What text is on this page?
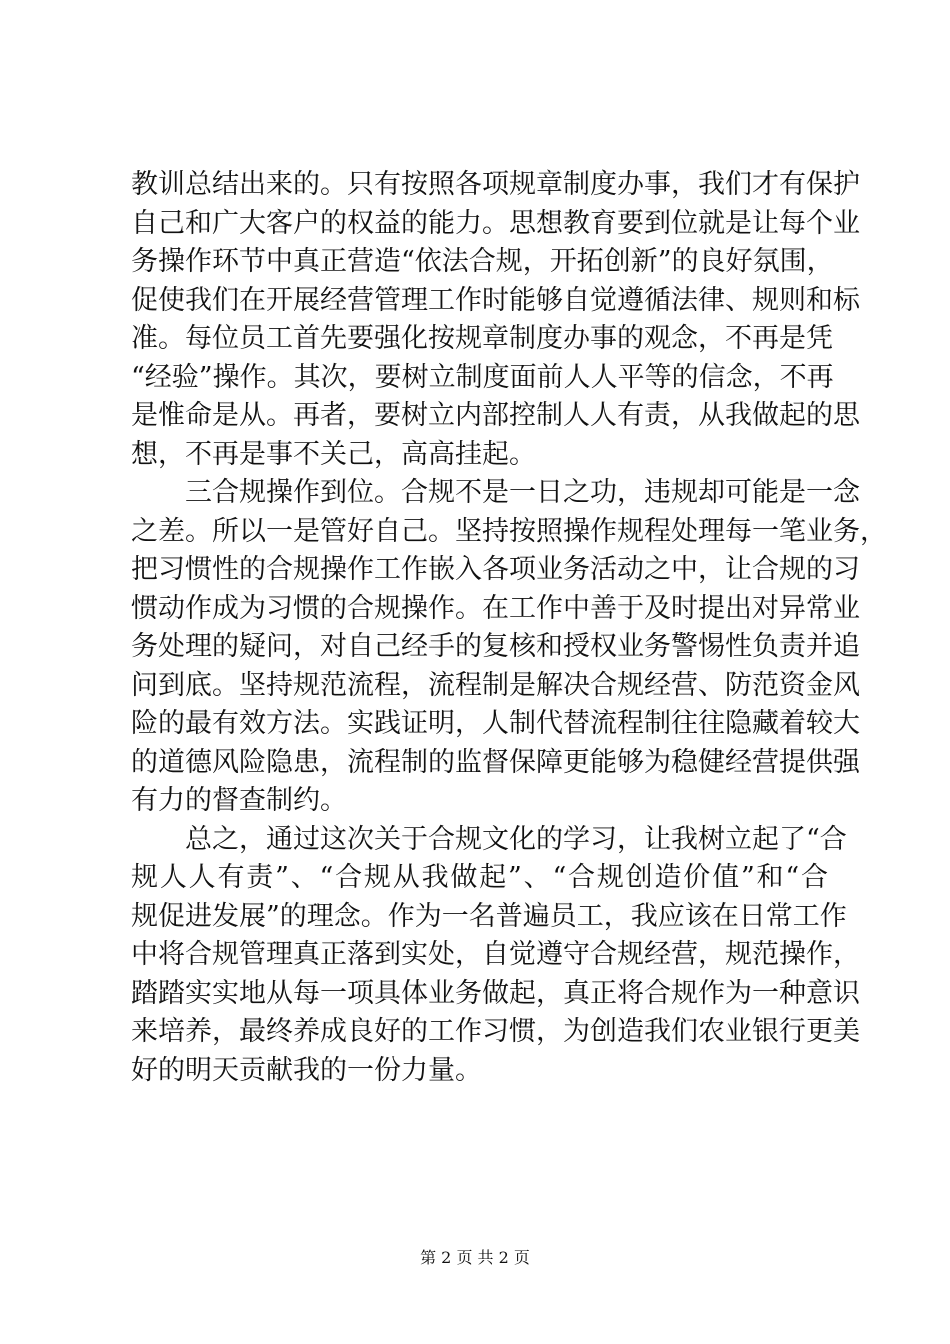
教训总结出来的。只有按照各项规章制度办事，我们才有保护
自己和广大客户的权益的能力。思想教育要到位就是让每个业
务操作环节中真正营造“依法合规，开拓创新”的良好氛围，
促使我们在开展经营管理工作时能够自觉遵循法律、规则和标
准。每位员工首先要强化按规章制度办事的观念，不再是凭
“经验”操作。其次，要树立制度面前人人平等的信念，不再
是惟命是从。再者，要树立内部控制人人有责，从我做起的思
想，不再是事不关己，高高挂起。
　　三合规操作到位。合规不是一日之功，违规却可能是一念
之差。所以一是管好自己。坚持按照操作规程处理每一笔业务，
把习惯性的合规操作工作嵌入各项业务活动之中，让合规的习
惯动作成为习惯的合规操作。在工作中善于及时提出对异常业
务处理的疑问，对自己经手的复核和授权业务警惕性负责并追
问到底。坚持规范流程，流程制是解决合规经营、防范资金风
险的最有效方法。实践证明，人制代替流程制往往隐藏着较大
的道德风险隐患，流程制的监督保障更能够为稳健经营提供强
有力的督查制约。
　　总之，通过这次关于合规文化的学习，让我树立起了“合
规人人有责”、“合规从我做起”、“合规创造价值”和“合
规促进发展”的理念。作为一名普遍员工，我应该在日常工作
中将合规管理真正落到实处，自觉遵守合规经营，规范操作，
踏踏实实地从每一项具体业务做起，真正将合规作为一种意识
来培养，最终养成良好的工作习惯，为创造我们农业银行更美
好的明天贡献我的一份力量。
第 2 页 共 2 页
